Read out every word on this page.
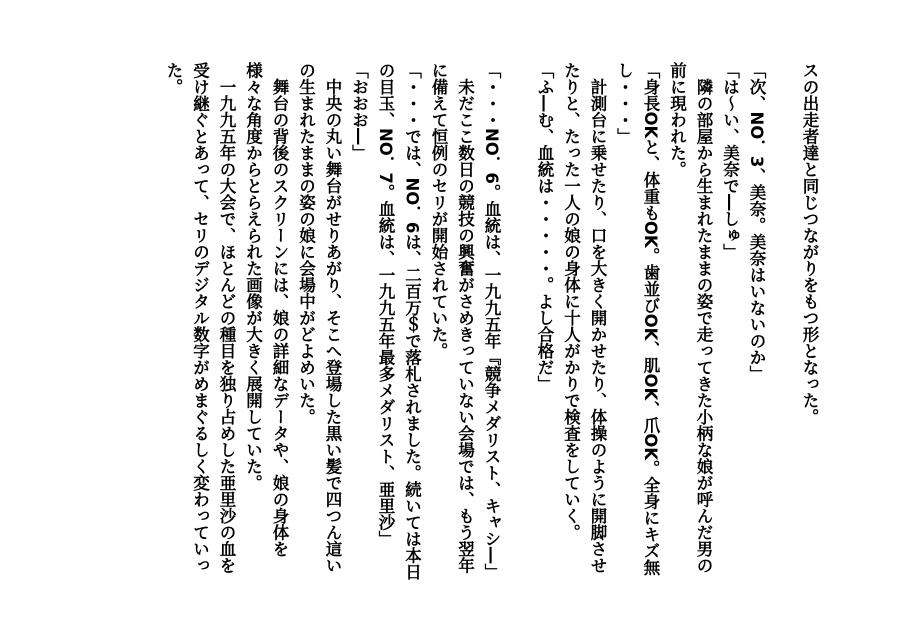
スの出走者達と同じつながりをもつ形となった。

「次、NO．3、美奈。美奈はいないのか」

「は〜い、美奈で―しゅ」

　隣の部屋から生まれたままの姿で走ってきた小柄な娘が呼んだ男の前に現われた。

「身長OKと、体重もOK。歯並びOK、肌OK、爪OK。全身にキズ無し・・・」

　計測台に乗せたり、口を大きく開かせたり、体操のように開脚させたりと、たった一人の娘の身体に十人がかりで検査をしていく。

「ふ―む、血統は・・・・・。よし合格だ」

「・・・NO．6。血統は、一九九五年『競争メダリスト、キャシ―」

　未だここ数日の競技の興奮がさめきっていない会場では、もう翌年に備えて恒例のセリが開始されていた。

「・・・では、NO．6は、二百万＄で落札されました。続いては本日の目玉、NO．7。血統は、一九九五年最多メダリスト、亜里沙」

「おおお―」

　中央の丸い舞台がせりあがり、そこへ登場した黒い髪で四つん這いの生まれたままの姿の娘に会場中がどよめいた。

　舞台の背後のスクリーンには、娘の詳細なデータや、娘の身体を様々な角度からとらえられた画像が大きく展開していた。

　一九九五年の大会で、ほとんどの種目を独り占めした亜里沙の血を受け継ぐとあって、セリのデジタル数字がめまぐるしく変わっていった。
